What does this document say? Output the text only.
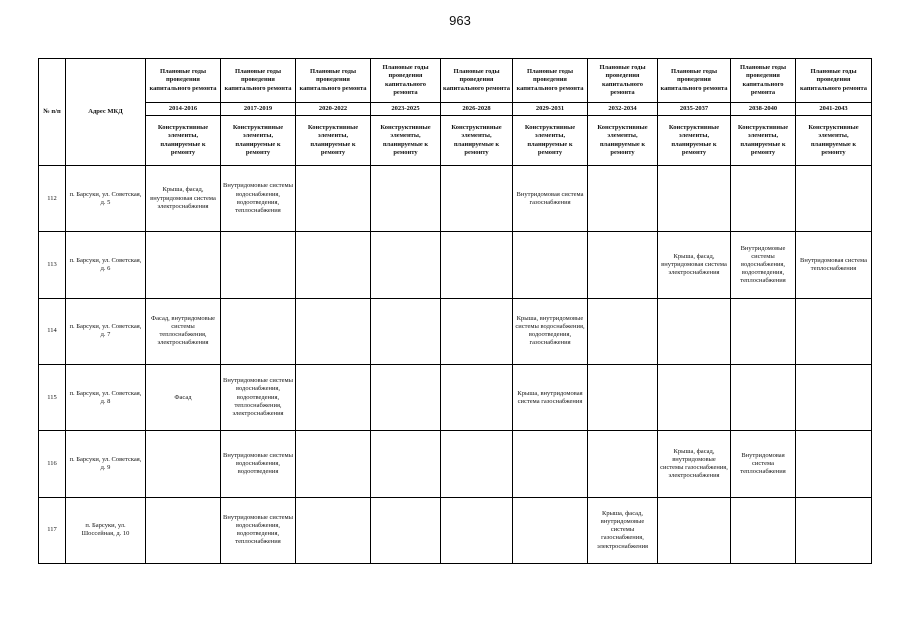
963
№ п/п	Адрес МКД	Плановые годы проведения капитального ремонта	Плановые годы проведения капитального ремонта	Плановые годы проведения капитального ремонта	Плановые годы проведения капитального ремонта	Плановые годы проведения капитального ремонта	Плановые годы проведения капитального ремонта	Плановые годы проведения капитального ремонта	Плановые годы проведения капитального ремонта	Плановые годы проведения капитального ремонта	Плановые годы проведения капитального ремонта
		2014-2016	2017-2019	2020-2022	2023-2025	2026-2028	2029-2031	2032-2034	2035-2037	2038-2040	2041-2043
		Конструктивные элементы, планируемые к ремонту	Конструктивные элементы, планируемые к ремонту	Конструктивные элементы, планируемые к ремонту	Конструктивные элементы, планируемые к ремонту	Конструктивные элементы, планируемые к ремонту	Конструктивные элементы, планируемые к ремонту	Конструктивные элементы, планируемые к ремонту	Конструктивные элементы, планируемые к ремонту	Конструктивные элементы, планируемые к ремонту	Конструктивные элементы, планируемые к ремонту
112	п. Барсуки, ул. Советская, д. 5	Крыша, фасад, внутридомовая система электроснабжения	Внутридомовые системы водоснабжения, водоотведения, теплоснабжения				Внутридомовая система газоснабжения				
113	п. Барсуки, ул. Советская, д. 6								Крыша, фасад, внутридомовая система электроснабжения	Внутридомовые системы водоснабжения, водоотведения, теплоснабжения	Внутридомовая система теплоснабжения
114	п. Барсуки, ул. Советская, д. 7	Фасад, внутридомовые системы теплоснабжения, электроснабжения					Крыша, внутридомовые системы водоснабжения, водоотведения, газоснабжения				
115	п. Барсуки, ул. Советская, д. 8	Фасад	Внутридомовые системы водоснабжения, водоотведения, теплоснабжения, электроснабжения				Крыша, внутридомовая система газоснабжения				
116	п. Барсуки, ул. Советская, д. 9		Внутридомовые системы водоснабжения, водоотведения						Крыша, фасад, внутридомовые системы газоснабжения, электроснабжения	Внутридомовая система теплоснабжения	
117	п. Барсуки, ул. Шоссейная, д. 10		Внутридомовые системы водоснабжения, водоотведения, теплоснабжения					Крыша, фасад, внутридомовые системы газоснабжения, электроснабжения			
